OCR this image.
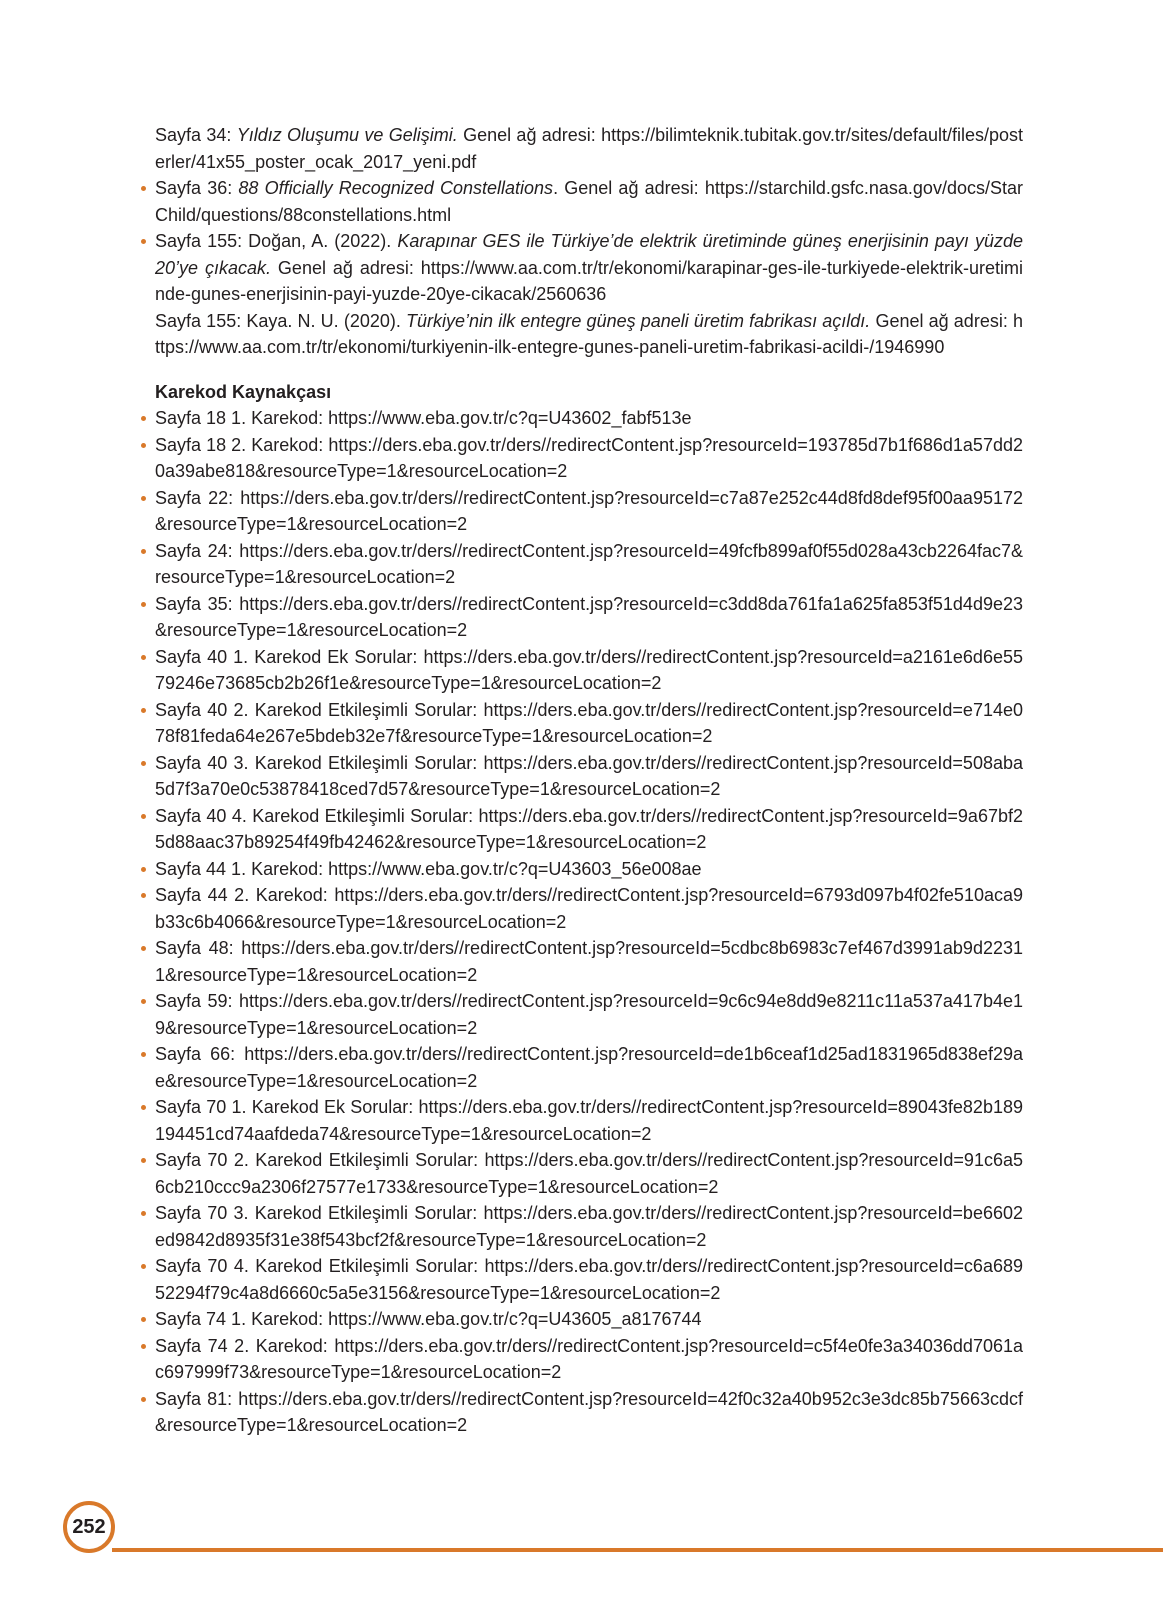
Sayfa 34: Yıldız Oluşumu ve Gelişimi. Genel ağ adresi: https://bilimteknik.tubitak.gov.tr/sites/default/files/posterler/41x55_poster_ocak_2017_yeni.pdf

Sayfa 36: 88 Officially Recognized Constellations. Genel ağ adresi: https://starchild.gsfc.nasa.gov/docs/StarChild/questions/88constellations.html

Sayfa 155: Doğan, A. (2022). Karapınar GES ile Türkiye’de elektrik üretiminde güneş enerjisinin payı yüzde 20’ye çıkacak. Genel ağ adresi: https://www.aa.com.tr/tr/ekonomi/karapinar-ges-ile-turkiyede-elektrik-uretiminde-gunes-enerjisinin-payi-yuzde-20ye-cikacak/2560636

Sayfa 155: Kaya. N. U. (2020). Türkiye’nin ilk entegre güneş paneli üretim fabrikası açıldı. Genel ağ adresi: https://www.aa.com.tr/tr/ekonomi/turkiyenin-ilk-entegre-gunes-paneli-uretim-fabrikasi-acildi-/1946990

Karekod Kaynakçası

Sayfa 18 1. Karekod: https://www.eba.gov.tr/c?q=U43602_fabf513e

Sayfa 18 2. Karekod: https://ders.eba.gov.tr/ders//redirectContent.jsp?resourceId=193785d7b1f686d1a57dd20a39abe818&resourceType=1&resourceLocation=2

Sayfa 22: https://ders.eba.gov.tr/ders//redirectContent.jsp?resourceId=c7a87e252c44d8fd8def95f00aa95172&resourceType=1&resourceLocation=2

Sayfa 24: https://ders.eba.gov.tr/ders//redirectContent.jsp?resourceId=49fcfb899af0f55d028a43cb2264fac7&resourceType=1&resourceLocation=2

Sayfa 35: https://ders.eba.gov.tr/ders//redirectContent.jsp?resourceId=c3dd8da761fa1a625fa853f51d4d9e23&resourceType=1&resourceLocation=2

Sayfa 40 1. Karekod Ek Sorular: https://ders.eba.gov.tr/ders//redirectContent.jsp?resourceId=a2161e6d6e5579246e73685cb2b26f1e&resourceType=1&resourceLocation=2

Sayfa 40 2. Karekod Etkileşimli Sorular: https://ders.eba.gov.tr/ders//redirectContent.jsp?resourceId=e714e078f81feda64e267e5bdeb32e7f&resourceType=1&resourceLocation=2

Sayfa 40 3. Karekod Etkileşimli Sorular: https://ders.eba.gov.tr/ders//redirectContent.jsp?resourceId=508aba5d7f3a70e0c53878418ced7d57&resourceType=1&resourceLocation=2

Sayfa 40 4. Karekod Etkileşimli Sorular: https://ders.eba.gov.tr/ders//redirectContent.jsp?resourceId=9a67bf25d88aac37b89254f49fb42462&resourceType=1&resourceLocation=2

Sayfa 44 1. Karekod: https://www.eba.gov.tr/c?q=U43603_56e008ae

Sayfa 44 2. Karekod: https://ders.eba.gov.tr/ders//redirectContent.jsp?resourceId=6793d097b4f02fe510aca9b33c6b4066&resourceType=1&resourceLocation=2

Sayfa 48: https://ders.eba.gov.tr/ders//redirectContent.jsp?resourceId=5cdbc8b6983c7ef467d3991ab9d22311&resourceType=1&resourceLocation=2

Sayfa 59: https://ders.eba.gov.tr/ders//redirectContent.jsp?resourceId=9c6c94e8dd9e8211c11a537a417b4e19&resourceType=1&resourceLocation=2

Sayfa 66: https://ders.eba.gov.tr/ders//redirectContent.jsp?resourceId=de1b6ceaf1d25ad1831965d838ef29ae&resourceType=1&resourceLocation=2

Sayfa 70 1. Karekod Ek Sorular: https://ders.eba.gov.tr/ders//redirectContent.jsp?resourceId=89043fe82b189194451cd74aafdeda74&resourceType=1&resourceLocation=2

Sayfa 70 2. Karekod Etkileşimli Sorular: https://ders.eba.gov.tr/ders//redirectContent.jsp?resourceId=91c6a56cb210ccc9a2306f27577e1733&resourceType=1&resourceLocation=2

Sayfa 70 3. Karekod Etkileşimli Sorular: https://ders.eba.gov.tr/ders//redirectContent.jsp?resourceId=be6602ed9842d8935f31e38f543bcf2f&resourceType=1&resourceLocation=2

Sayfa 70 4. Karekod Etkileşimli Sorular: https://ders.eba.gov.tr/ders//redirectContent.jsp?resourceId=c6a68952294f79c4a8d6660c5a5e3156&resourceType=1&resourceLocation=2

Sayfa 74 1. Karekod: https://www.eba.gov.tr/c?q=U43605_a8176744

Sayfa 74 2. Karekod: https://ders.eba.gov.tr/ders//redirectContent.jsp?resourceId=c5f4e0fe3a34036dd7061ac697999f73&resourceType=1&resourceLocation=2

Sayfa 81: https://ders.eba.gov.tr/ders//redirectContent.jsp?resourceId=42f0c32a40b952c3e3dc85b75663cdcf&resourceType=1&resourceLocation=2

252
